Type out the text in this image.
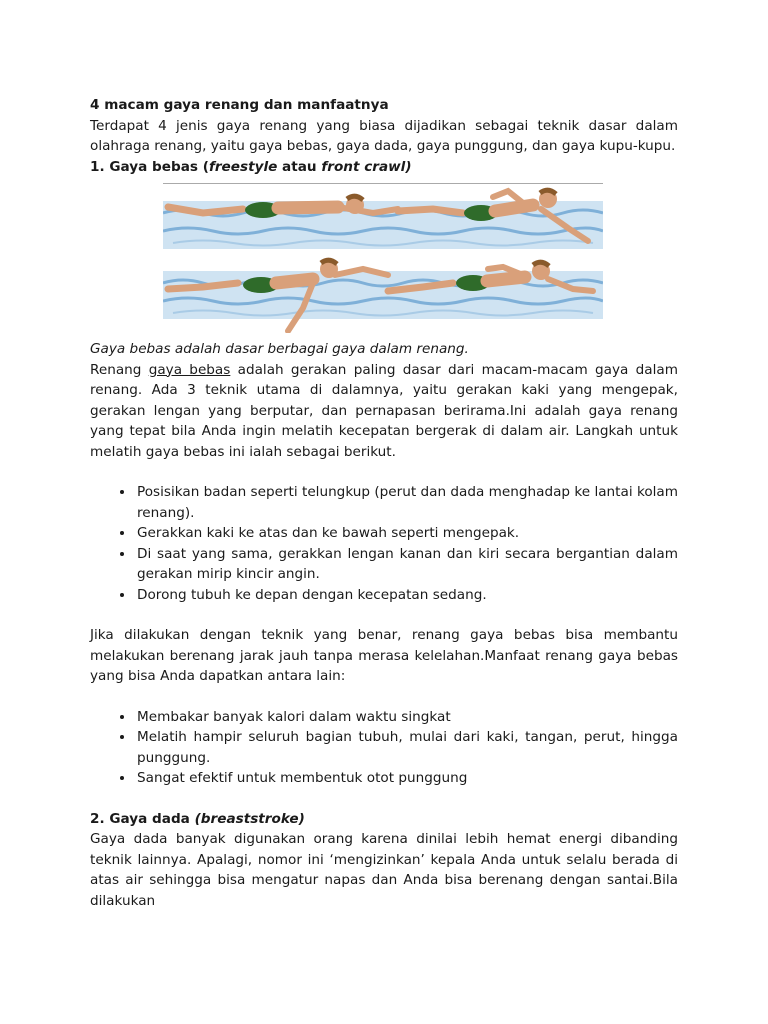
4 macam gaya renang dan manfaatnya

Terdapat 4 jenis gaya renang yang biasa dijadikan sebagai teknik dasar dalam olahraga renang, yaitu gaya bebas, gaya dada, gaya punggung, dan gaya kupu-kupu.

1. Gaya bebas (freestyle atau front crawl)

Gaya bebas adalah dasar berbagai gaya dalam renang.

Renang gaya bebas adalah gerakan paling dasar dari macam-macam gaya dalam renang. Ada 3 teknik utama di dalamnya, yaitu gerakan kaki yang mengepak, gerakan lengan yang berputar, dan pernapasan berirama.Ini adalah gaya renang yang tepat bila Anda ingin melatih kecepatan bergerak di dalam air. Langkah untuk melatih gaya bebas ini ialah sebagai berikut.

• Posisikan badan seperti telungkup (perut dan dada menghadap ke lantai kolam renang).
• Gerakkan kaki ke atas dan ke bawah seperti mengepak.
• Di saat yang sama, gerakkan lengan kanan dan kiri secara bergantian dalam gerakan mirip kincir angin.
• Dorong tubuh ke depan dengan kecepatan sedang.

Jika dilakukan dengan teknik yang benar, renang gaya bebas bisa membantu melakukan berenang jarak jauh tanpa merasa kelelahan.Manfaat renang gaya bebas yang bisa Anda dapatkan antara lain:

• Membakar banyak kalori dalam waktu singkat
• Melatih hampir seluruh bagian tubuh, mulai dari kaki, tangan, perut, hingga punggung.
• Sangat efektif untuk membentuk otot punggung

2. Gaya dada (breaststroke)

Gaya dada banyak digunakan orang karena dinilai lebih hemat energi dibanding teknik lainnya. Apalagi, nomor ini ‘mengizinkan’ kepala Anda untuk selalu berada di atas air sehingga bisa mengatur napas dan Anda bisa berenang dengan santai.Bila dilakukan
